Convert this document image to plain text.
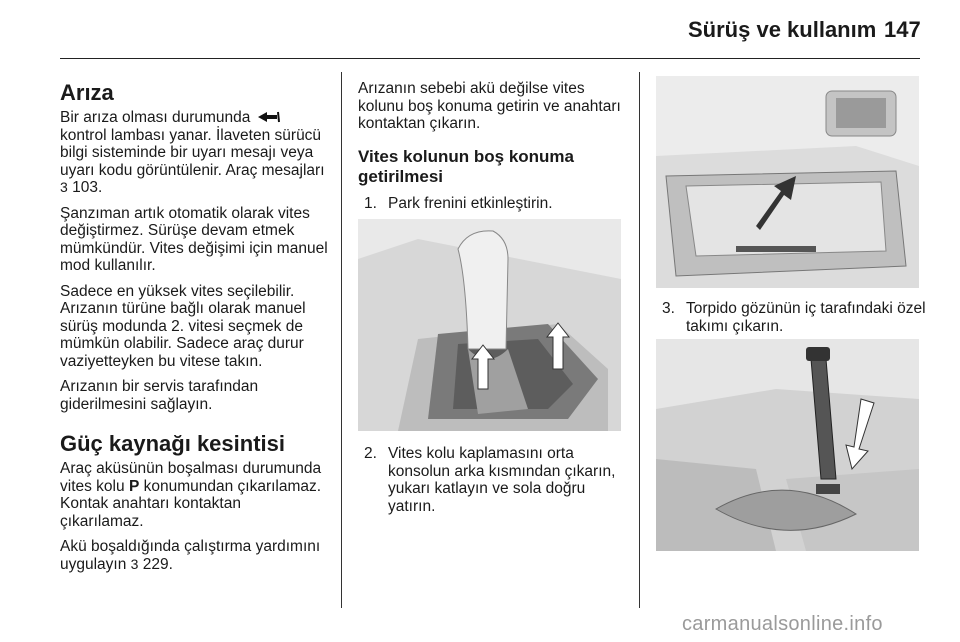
Sürüş ve kullanım 147
Arıza

Bir arıza olması durumunda  kontrol lambası yanar. İlaveten sürücü bilgi sisteminde bir uyarı mesajı veya uyarı kodu görüntülenir. Araç mesajları 3 103.

Şanzıman artık otomatik olarak vites değiştirmez. Sürüşe devam etmek mümkündür. Vites değişimi için manuel mod kullanılır.

Sadece en yüksek vites seçilebilir. Arızanın türüne bağlı olarak manuel sürüş modunda 2. vitesi seçmek de mümkün olabilir. Sadece araç durur vaziyetteyken bu vitese takın.

Arızanın bir servis tarafından giderilmesini sağlayın.

Güç kaynağı kesintisi

Araç aküsünün boşalması durumunda vites kolu P konumundan çıkarılamaz. Kontak anahtarı kontaktan çıkarılamaz.

Akü boşaldığında çalıştırma yardımını uygulayın 3 229.

Arızanın sebebi akü değilse vites kolunu boş konuma getirin ve anahtarı kontaktan çıkarın.

Vites kolunun boş konuma getirilmesi
1. Park frenini etkinleştirin.
2. Vites kolu kaplamasını orta konsolun arka kısmından çıkarın, yukarı katlayın ve sola doğru yatırın.
3. Torpido gözünün iç tarafındaki özel takımı çıkarın.
carmanualsonline.info
